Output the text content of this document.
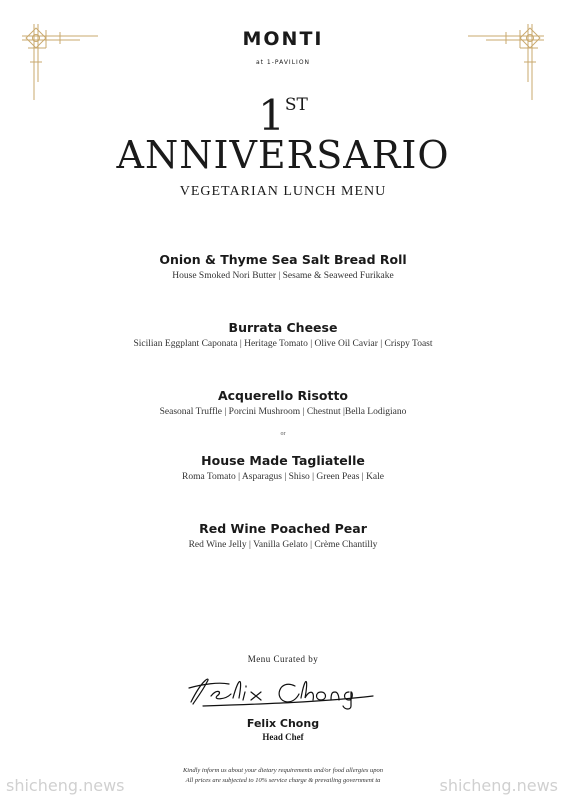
MONTI
at 1-PAVILION
1ST
ANNIVERSARIO
VEGETARIAN LUNCH MENU
Onion & Thyme Sea Salt Bread Roll
House Smoked Nori Butter | Sesame & Seaweed Furikake
Burrata Cheese
Sicilian Eggplant Caponata | Heritage Tomato | Olive Oil Caviar | Crispy Toast
Acquerello Risotto
Seasonal Truffle | Porcini Mushroom | Chestnut |Bella Lodigiano
or
House Made Tagliatelle
Roma Tomato | Asparagus | Shiso | Green Peas | Kale
Red Wine Poached Pear
Red Wine Jelly | Vanilla Gelato | Crème Chantilly
Menu Curated by
Felix Chong
Head Chef
Kindly inform us about your dietary requirements and/or food allergies upon
All prices are subjected to 10% service charge & prevailing government ta
shicheng.news	shicheng.news
